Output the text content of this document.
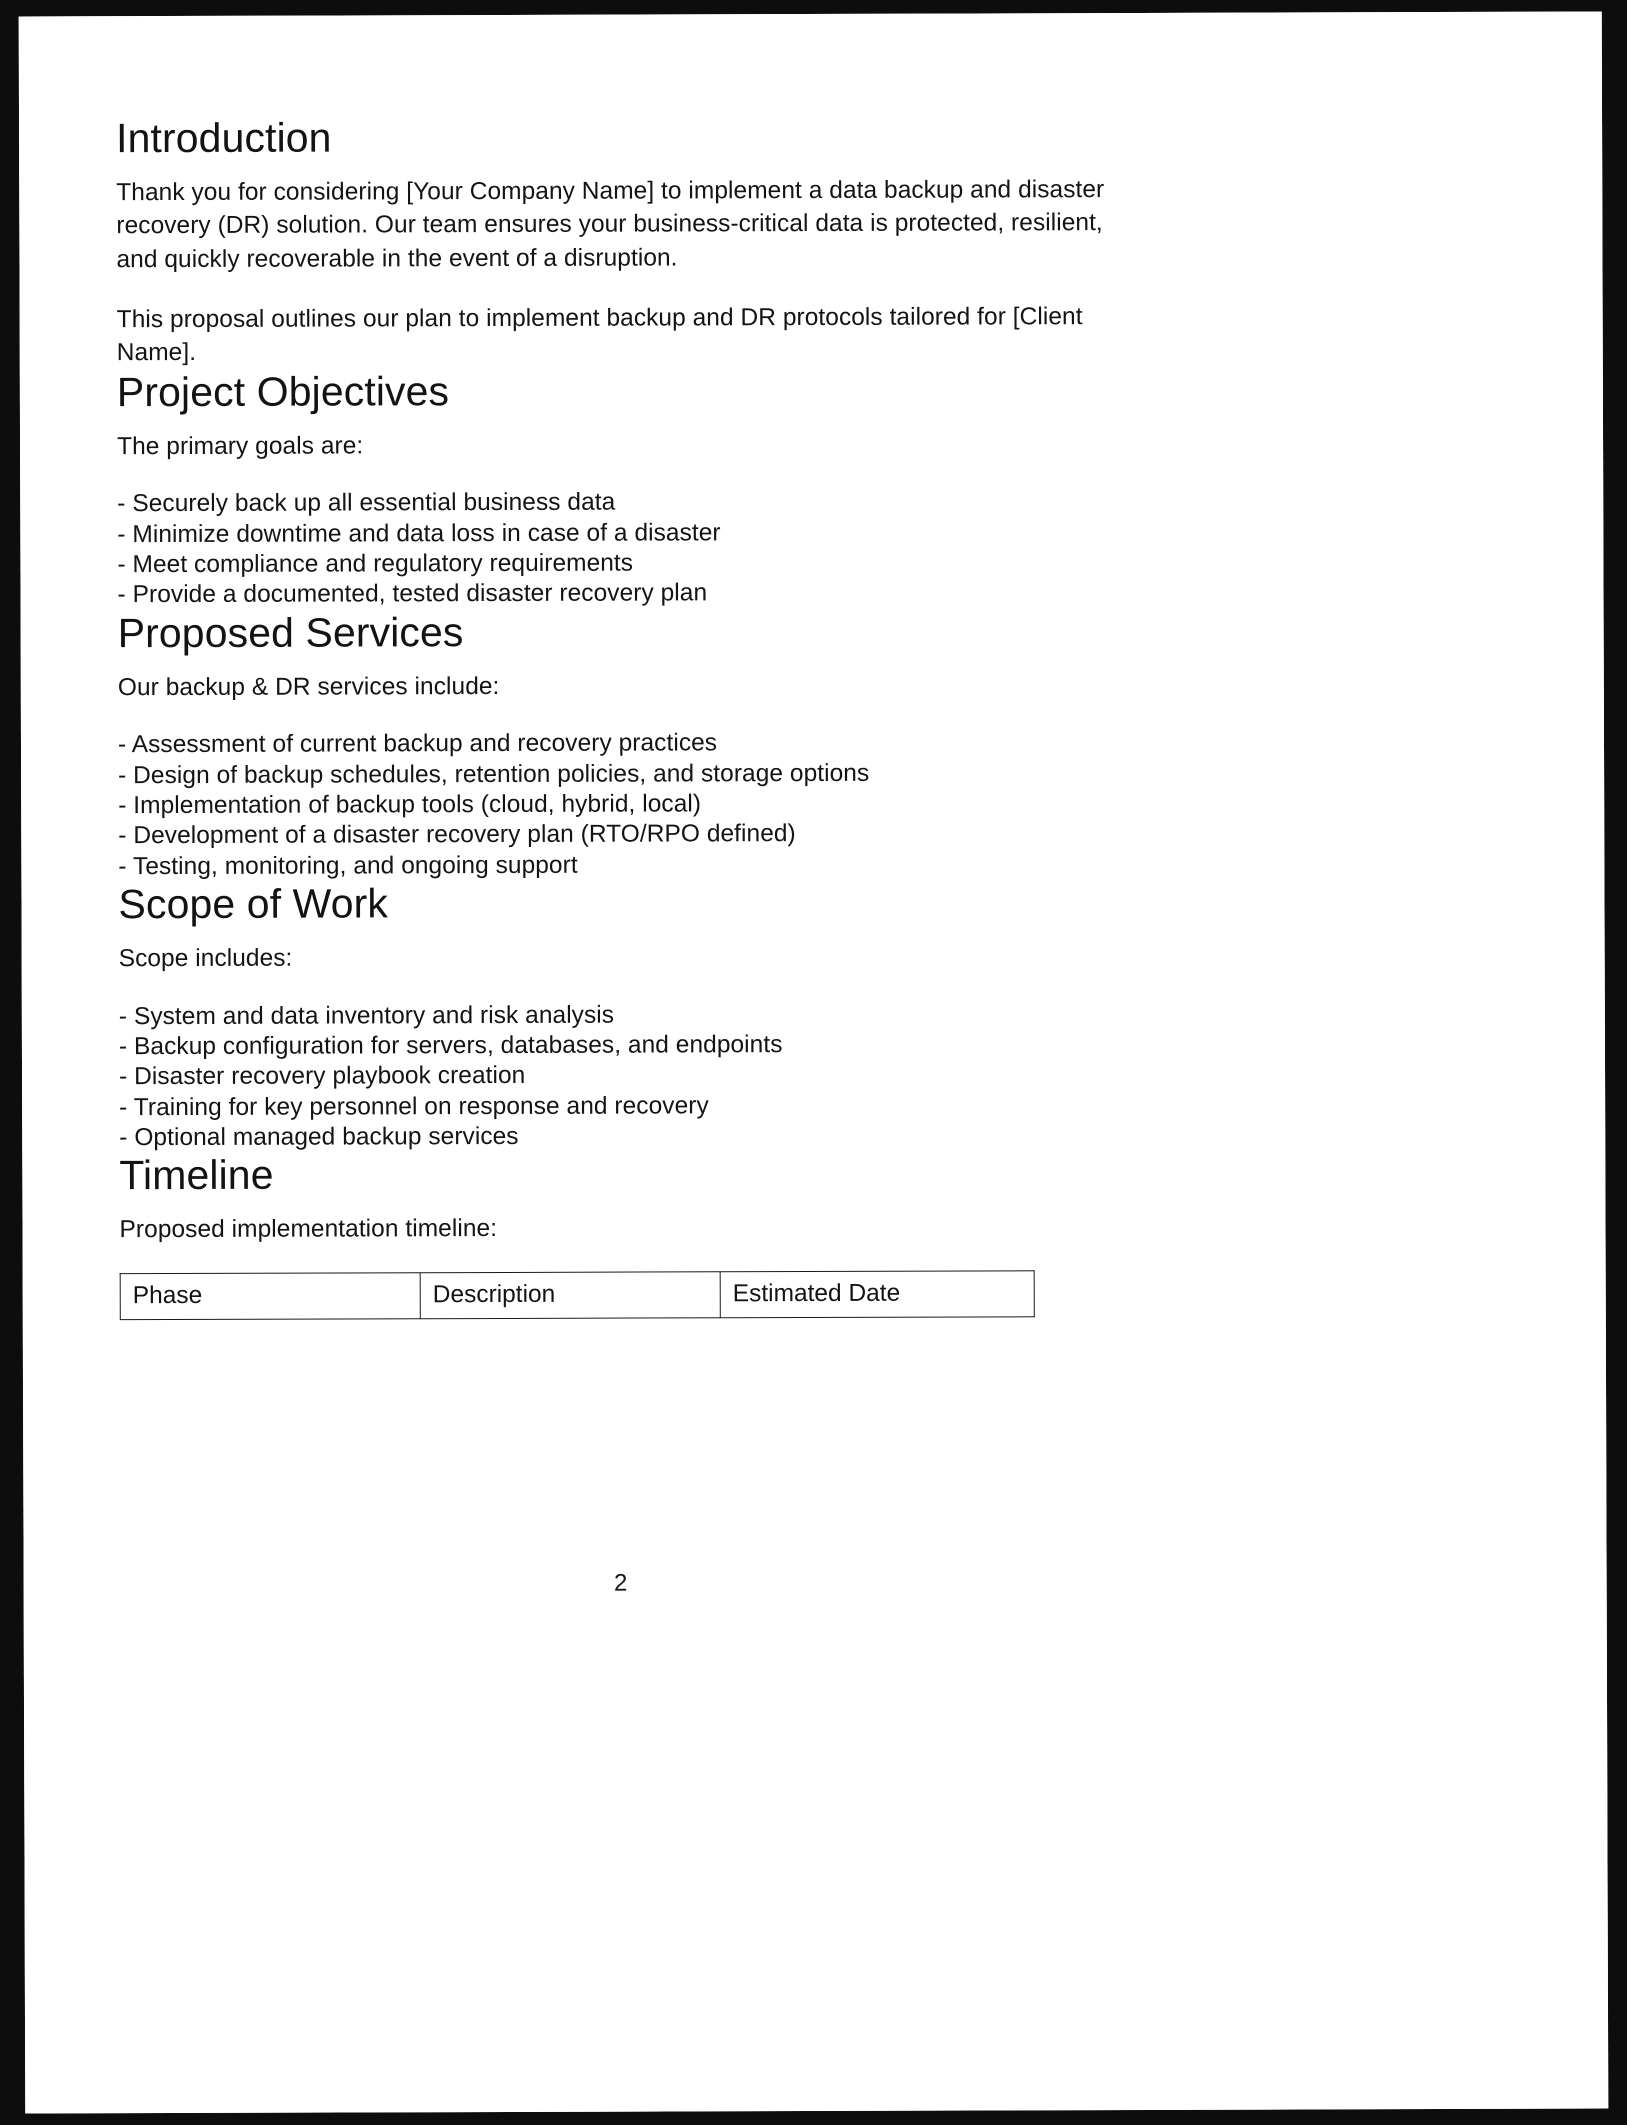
Introduction

Thank you for considering [Your Company Name] to implement a data backup and disaster recovery (DR) solution. Our team ensures your business-critical data is protected, resilient, and quickly recoverable in the event of a disruption.

This proposal outlines our plan to implement backup and DR protocols tailored for [Client Name].

Project Objectives

The primary goals are:

- Securely back up all essential business data
- Minimize downtime and data loss in case of a disaster
- Meet compliance and regulatory requirements
- Provide a documented, tested disaster recovery plan
Proposed Services

Our backup & DR services include:

- Assessment of current backup and recovery practices
- Design of backup schedules, retention policies, and storage options
- Implementation of backup tools (cloud, hybrid, local)
- Development of a disaster recovery plan (RTO/RPO defined)
- Testing, monitoring, and ongoing support
Scope of Work

Scope includes:

- System and data inventory and risk analysis
- Backup configuration for servers, databases, and endpoints
- Disaster recovery playbook creation
- Training for key personnel on response and recovery
- Optional managed backup services
Timeline

Proposed implementation timeline:

Phase	Description	Estimated Date
2
